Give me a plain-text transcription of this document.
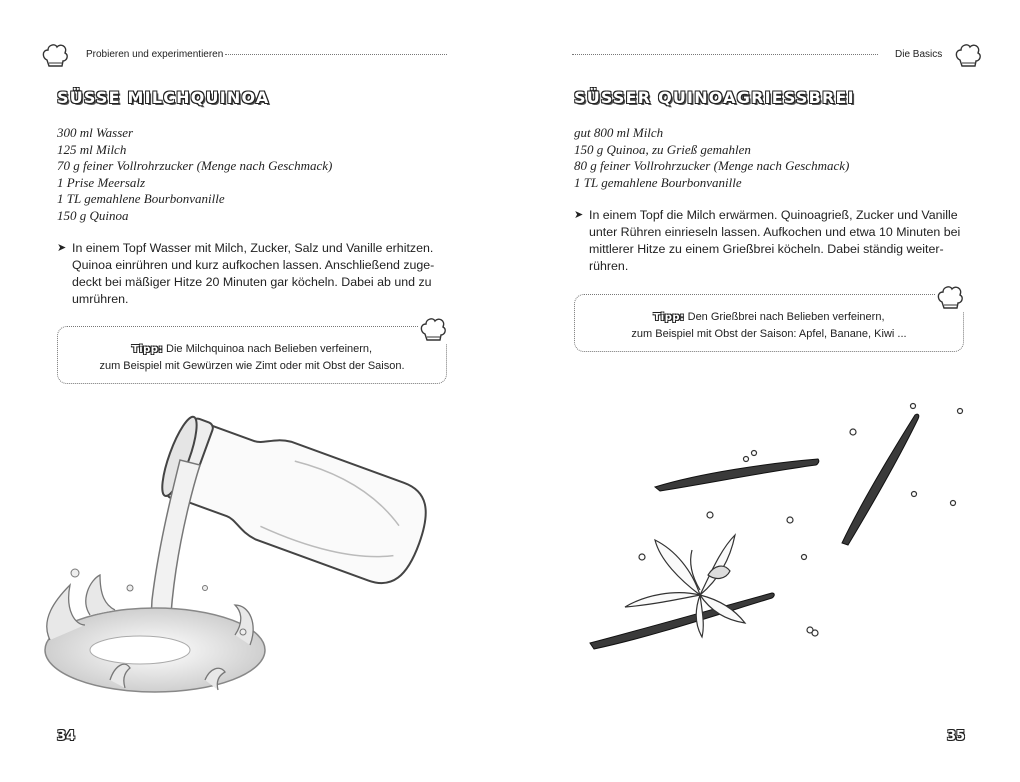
Probieren und experimentieren
SÜSSE MILCHQUINOA
300 ml Wasser
125 ml Milch
70 g feiner Vollrohrzucker (Menge nach Geschmack)
1 Prise Meersalz
1 TL gemahlene Bourbonvanille
150 g Quinoa
➤ In einem Topf Wasser mit Milch, Zucker, Salz und Vanille erhitzen.
Quinoa einrühren und kurz aufkochen lassen. Anschließend zuge-
deckt bei mäßiger Hitze 20 Minuten gar köcheln. Dabei ab und zu
umrühren.
Tipp: Die Milchquinoa nach Belieben verfeinern,
zum Beispiel mit Gewürzen wie Zimt oder mit Obst der Saison.
34
Die Basics
SÜSSER QUINOAGRIESSBREI
gut 800 ml Milch
150 g Quinoa, zu Grieß gemahlen
80 g feiner Vollrohrzucker (Menge nach Geschmack)
1 TL gemahlene Bourbonvanille
➤ In einem Topf die Milch erwärmen. Quinoagrieß, Zucker und Vanille
unter Rühren einrieseln lassen. Aufkochen und etwa 10 Minuten bei
mittlerer Hitze zu einem Grießbrei köcheln. Dabei ständig weiter-
rühren.
Tipp: Den Grießbrei nach Belieben verfeinern,
zum Beispiel mit Obst der Saison: Apfel, Banane, Kiwi ...
35
